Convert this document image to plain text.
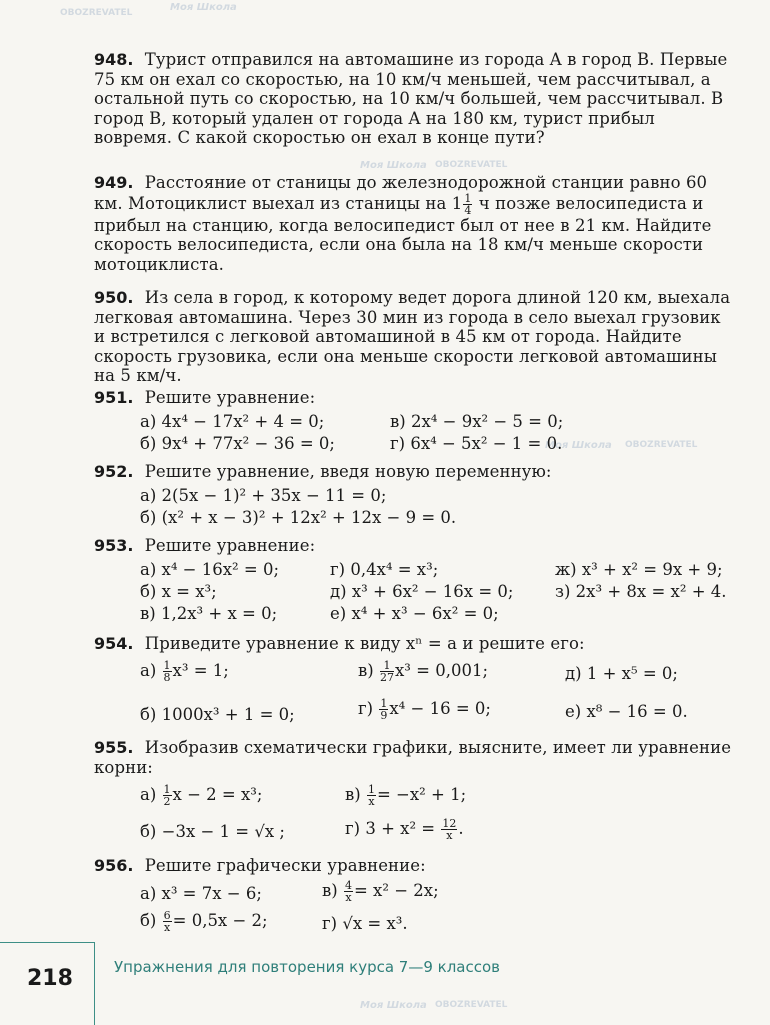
Моя Школа
OBOZREVATEL
Моя Школа OBOZREVATEL
Моя Школа OBOZREVATEL
Моя Школа OBOZREVATEL
948. Турист отправился на автомашине из города A в город B. Первые 75 км он ехал со скоростью, на 10 км/ч меньшей, чем рассчитывал, а остальной путь со скоростью, на 10 км/ч большей, чем рассчитывал. В город B, который удален от города A на 180 км, турист прибыл вовремя. С какой скоростью он ехал в конце пути?
949. Расстояние от станицы до железнодорожной станции равно 60 км. Мотоциклист выехал из станицы на $1 \frac{1}{4}$ ч позже велосипедиста и прибыл на станцию, когда велосипедист был от нее в 21 км. Найдите скорость велосипедиста, если она была на 18 км/ч меньше скорости мотоциклиста.
950. Из села в город, к которому ведет дорога длиной 120 км, выехала легковая автомашина. Через 30 мин из города в село выехал грузовик и встретился с легковой автомашиной в 45 км от города. Найдите скорость грузовика, если она меньше скорости легковой автомашины на 5 км/ч.
951. Решите уравнение:
а) 4x⁴ − 17x² + 4 = 0;	в) 2x⁴ − 9x² − 5 = 0;
б) 9x⁴ + 77x² − 36 = 0;	г) 6x⁴ − 5x² − 1 = 0.
952. Решите уравнение, введя новую переменную:
а) 2(5x − 1)² + 35x − 11 = 0;
б) (x² + x − 3)² + 12x² + 12x − 9 = 0.
953. Решите уравнение:
а) x⁴ − 16x² = 0;	г) 0,4x⁴ = x³;	ж) x³ + x² = 9x + 9;
б) x = x³;	д) x³ + 6x² − 16x = 0;	з) 2x³ + 8x = x² + 4.
в) 1,2x³ + x = 0;	е) x⁴ + x³ − 6x² = 0;
954. Приведите уравнение к виду xⁿ = a и решите его:
$а) \frac{1}{8} x^3 = 1$;	$в) \frac{1}{27} x^3 = 0,001$;	д) 1 + x⁵ = 0;
б) 1000x³ + 1 = 0;	$г) \frac{1}{9} x^4 - 16 = 0$;	е) x⁸ − 16 = 0.
955. Изобразив схематически графики, выясните, имеет ли уравнение корни:
$а) \frac{1}{2}$ x − 2 = x³;	$в) \frac{1}{x} = -x^2 + 1$;
б) −3x − 1 = √x ;	г) $3 + x^2 = \frac{12}{x}$ .
956. Решите графически уравнение:
а) x³ = 7x − 6;	$в) \frac{4}{x} = x^2 - 2x$;
$б) \frac{6}{x} = 0,5x - 2$;	г) √x = x³.
218	Упражнения для повторения курса 7—9 классов
